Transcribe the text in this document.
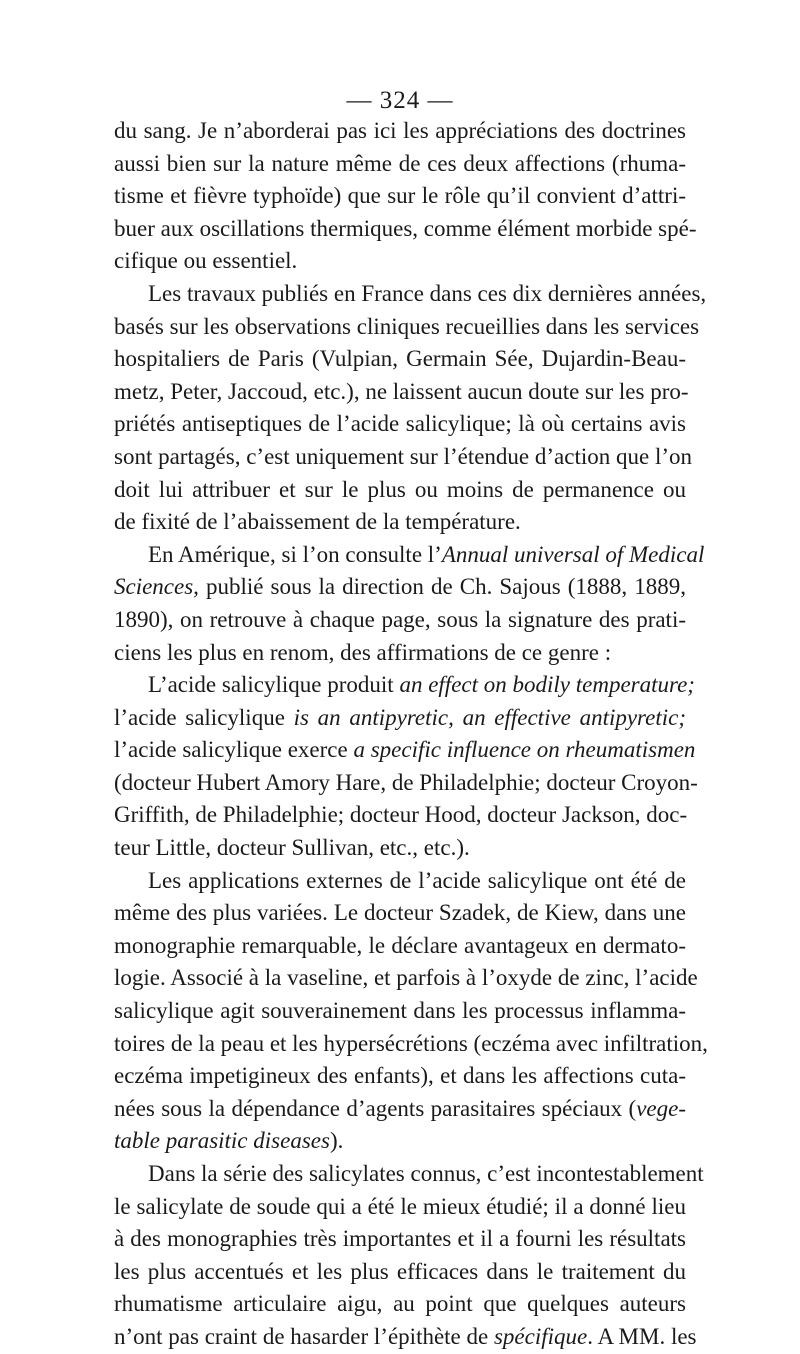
— 324 —
du sang. Je n’aborderai pas ici les appréciations des doctrines
aussi bien sur la nature même de ces deux affections (rhuma-
tisme et fièvre typhoïde) que sur le rôle qu’il convient d’attri-
buer aux oscillations thermiques, comme élément morbide spé-
cifique ou essentiel.
Les travaux publiés en France dans ces dix dernières années,
basés sur les observations cliniques recueillies dans les services
hospitaliers de Paris (Vulpian, Germain Sée, Dujardin-Beau-
metz, Peter, Jaccoud, etc.), ne laissent aucun doute sur les pro-
priétés antiseptiques de l’acide salicylique; là où certains avis
sont partagés, c’est uniquement sur l’étendue d’action que l’on
doit lui attribuer et sur le plus ou moins de permanence ou
de fixité de l’abaissement de la température.
En Amérique, si l’on consulte l’Annual universal of Medical
Sciences, publié sous la direction de Ch. Sajous (1888, 1889,
1890), on retrouve à chaque page, sous la signature des prati-
ciens les plus en renom, des affirmations de ce genre :
L’acide salicylique produit an effect on bodily temperature;
l’acide salicylique is an antipyretic, an effective antipyretic;
l’acide salicylique exerce a specific influence on rheumatismen
(docteur Hubert Amory Hare, de Philadelphie; docteur Croyon-
Griffith, de Philadelphie; docteur Hood, docteur Jackson, doc-
teur Little, docteur Sullivan, etc., etc.).
Les applications externes de l’acide salicylique ont été de
même des plus variées. Le docteur Szadek, de Kiew, dans une
monographie remarquable, le déclare avantageux en dermato-
logie. Associé à la vaseline, et parfois à l’oxyde de zinc, l’acide
salicylique agit souverainement dans les processus inflamma-
toires de la peau et les hypersécrétions (eczéma avec infiltration,
eczéma impetigineux des enfants), et dans les affections cuta-
nées sous la dépendance d’agents parasitaires spéciaux (vege-
table parasitic diseases).
Dans la série des salicylates connus, c’est incontestablement
le salicylate de soude qui a été le mieux étudié; il a donné lieu
à des monographies très importantes et il a fourni les résultats
les plus accentués et les plus efficaces dans le traitement du
rhumatisme articulaire aigu, au point que quelques auteurs
n’ont pas craint de hasarder l’épithète de spécifique. A MM. les
